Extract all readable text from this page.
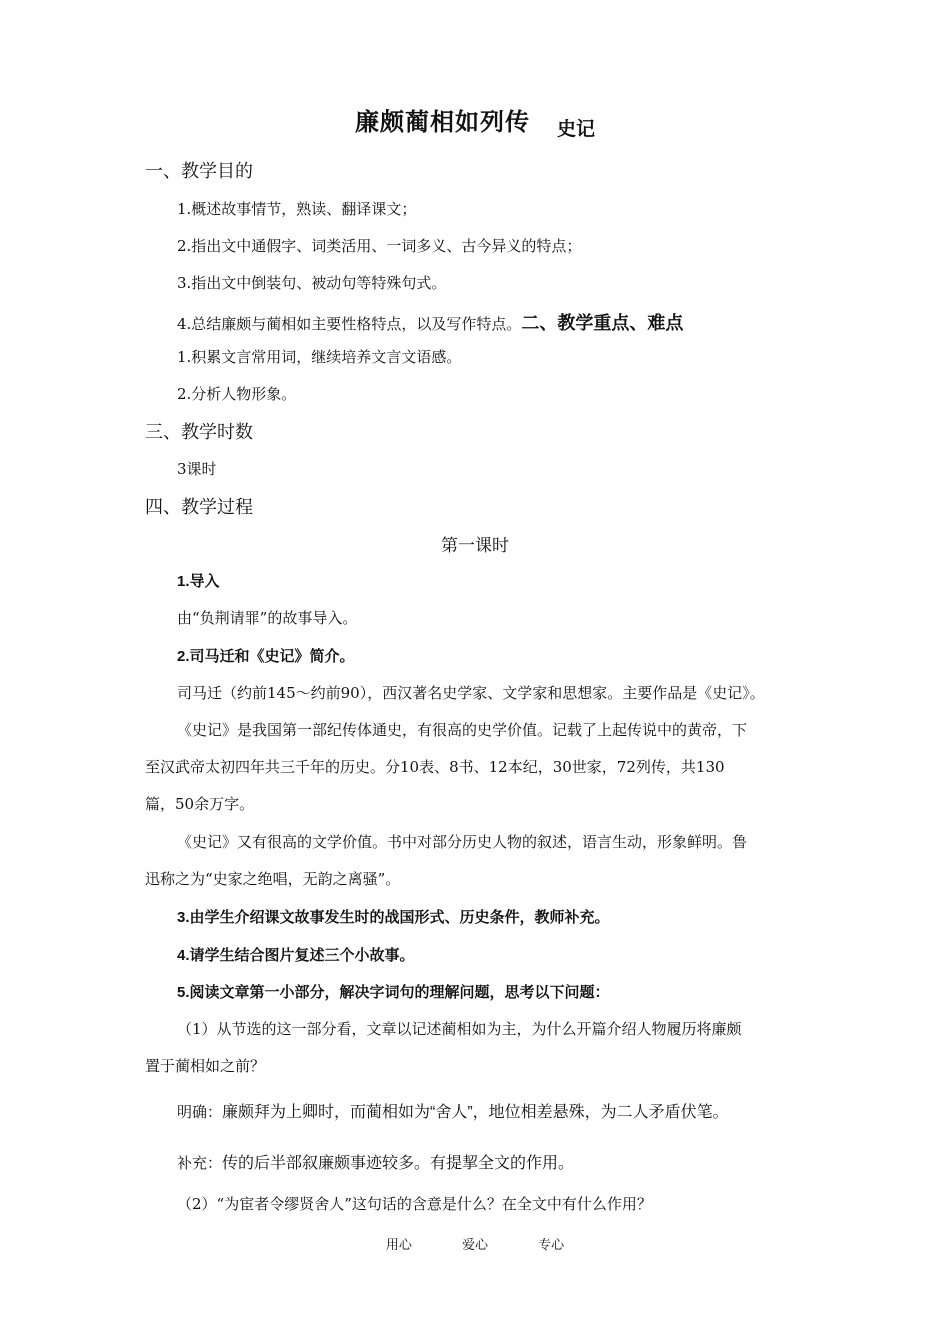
廉颇蔺相如列传 史记
一、教学目的
1.概述故事情节，熟读、翻译课文；
2.指出文中通假字、词类活用、一词多义、古今异义的特点；
3.指出文中倒装句、被动句等特殊句式。
4.总结廉颇与蔺相如主要性格特点，以及写作特点。二、教学重点、难点
1.积累文言常用词，继续培养文言文语感。
2.分析人物形象。
三、教学时数
3课时
四、教学过程
第一课时
1.导入
由“负荆请罪”的故事导入。
2.司马迁和《史记》简介。
司马迁（约前145～约前90），西汉著名史学家、文学家和思想家。主要作品是《史记》。
《史记》是我国第一部纪传体通史，有很高的史学价值。记载了上起传说中的黄帝，下
至汉武帝太初四年共三千年的历史。分10表、8书、12本纪，30世家，72列传，共130
篇，50余万字。
《史记》又有很高的文学价值。书中对部分历史人物的叙述，语言生动，形象鲜明。鲁
迅称之为“史家之绝唱，无韵之离骚”。
3.由学生介绍课文故事发生时的战国形式、历史条件，教师补充。
4.请学生结合图片复述三个小故事。
5.阅读文章第一小部分，解决字词句的理解问题，思考以下问题：
（1）从节选的这一部分看，文章以记述蔺相如为主，为什么开篇介绍人物履历将廉颇
置于蔺相如之前？
明确：廉颇拜为上卿时，而蔺相如为“舍人”，地位相差悬殊，为二人矛盾伏笔。
补充：传的后半部叙廉颇事迹较多。有提挈全文的作用。
（2）“为宦者令缪贤舍人”这句话的含意是什么？在全文中有什么作用？
用心	爱心	专心
